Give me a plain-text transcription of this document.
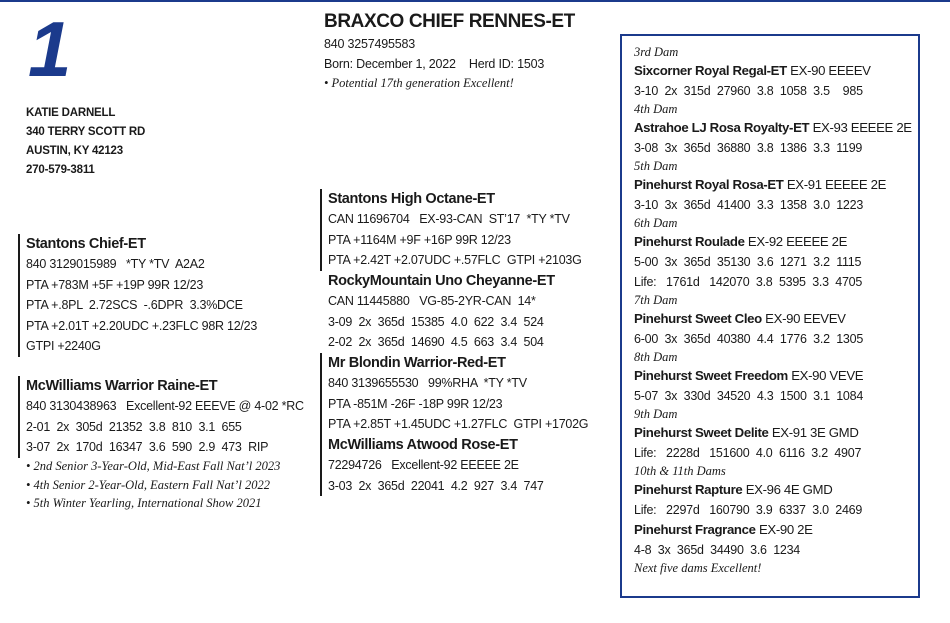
1
KATIE DARNELL
340 TERRY SCOTT RD
AUSTIN, KY 42123
270-579-3811
BRAXCO CHIEF RENNES-ET
840 3257495583
Born: December 1, 2022    Herd ID: 1503
• Potential 17th generation Excellent!
Stantons Chief-ET
840 3129015989   *TY *TV  A2A2
PTA +783M +5F +19P 99R 12/23
PTA +.8PL  2.72SCS  -.6DPR  3.3%DCE
PTA +2.01T +2.20UDC +.23FLC 98R 12/23
GTPI +2240G
McWilliams Warrior Raine-ET
840 3130438963   Excellent-92 EEEVE @ 4-02 *RC
2-01  2x  305d  21352  3.8  810  3.1  655
3-07  2x  170d  16347  3.6  590  2.9  473  RIP
• 2nd Senior 3-Year-Old, Mid-East Fall Nat’l 2023
• 4th Senior 2-Year-Old, Eastern Fall Nat’l 2022
• 5th Winter Yearling, International Show 2021
Stantons High Octane-ET
CAN 11696704   EX-93-CAN  ST’17  *TY *TV
PTA +1164M +9F +16P 99R 12/23
PTA +2.42T +2.07UDC +.57FLC  GTPI +2103G
RockyMountain Uno Cheyanne-ET
CAN 11445880   VG-85-2YR-CAN  14*
3-09  2x  365d  15385  4.0  622  3.4  524
2-02  2x  365d  14690  4.5  663  3.4  504
Mr Blondin Warrior-Red-ET
840 3139655530   99%RHA  *TY *TV
PTA -851M -26F -18P 99R 12/23
PTA +2.85T +1.45UDC +1.27FLC  GTPI +1702G
McWilliams Atwood Rose-ET
72294726   Excellent-92 EEEEE 2E
3-03  2x  365d  22041  4.2  927  3.4  747
3rd Dam
Sixcorner Royal Regal-ET EX-90 EEEEV
3-10  2x  315d  27960  3.8  1058  3.5    985
4th Dam
Astrahoe LJ Rosa Royalty-ET EX-93 EEEEE 2E
3-08  3x  365d  36880  3.8  1386  3.3  1199
5th Dam
Pinehurst Royal Rosa-ET EX-91 EEEEE 2E
3-10  3x  365d  41400  3.3  1358  3.0  1223
6th Dam
Pinehurst Roulade EX-92 EEEEE 2E
5-00  3x  365d  35130  3.6  1271  3.2  1115
Life:   1761d   142070  3.8  5395  3.3  4705
7th Dam
Pinehurst Sweet Cleo EX-90 EEVEV
6-00  3x  365d  40380  4.4  1776  3.2  1305
8th Dam
Pinehurst Sweet Freedom EX-90 VEVE
5-07  3x  330d  34520  4.3  1500  3.1  1084
9th Dam
Pinehurst Sweet Delite EX-91 3E GMD
Life:   2228d   151600  4.0  6116  3.2  4907
10th & 11th Dams
Pinehurst Rapture EX-96 4E GMD
Life:   2297d   160790  3.9  6337  3.0  2469
Pinehurst Fragrance EX-90 2E
4-8  3x  365d  34490  3.6  1234
Next five dams Excellent!
